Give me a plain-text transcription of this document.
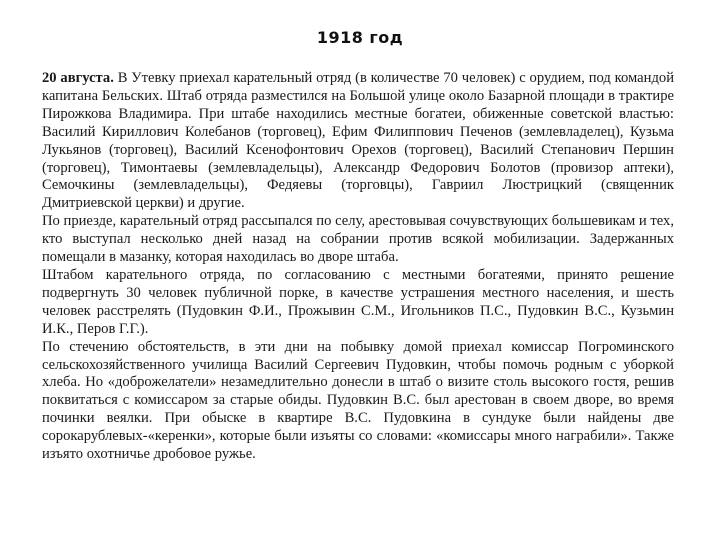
1918 год

20 августа. В Утевку приехал карательный отряд (в количестве 70 человек) с орудием, под командой капитана Бельских. Штаб отряда разместился на Большой улице около Базарной площади в трактире Пирожкова Владимира. При штабе находились местные богатеи, обиженные советской властью: Василий Кириллович Колебанов (торговец), Ефим Филиппович Печенов (землевладелец), Кузьма Лукьянов (торговец), Василий Ксенофонтович Орехов (торговец), Василий Степанович Першин (торговец), Тимонтаевы (землевладельцы), Александр Федорович Болотов (провизор аптеки), Семочкины (землевладельцы), Федяевы (торговцы), Гавриил Люстрицкий (священник Дмитриевской церкви) и другие.

По приезде, карательный отряд рассыпался по селу, арестовывая сочувствующих большевикам и тех, кто выступал несколько дней назад на собрании против всякой мобилизации. Задержанных помещали в мазанку, которая находилась во дворе штаба.

Штабом карательного отряда, по согласованию с местными богатеями, принято решение подвергнуть 30 человек публичной порке, в качестве устрашения местного населения, и шесть человек расстрелять (Пудовкин Ф.И., Прожывин С.М., Игольников П.С., Пудовкин В.С., Кузьмин И.К., Перов Г.Г.).

По стечению обстоятельств, в эти дни на побывку домой приехал комиссар Погроминского сельскохозяйственного училища Василий Сергеевич Пудовкин, чтобы помочь родным с уборкой хлеба. Но «доброжелатели» незамедлительно донесли в штаб о визите столь высокого гостя, решив поквитаться с комиссаром за старые обиды. Пудовкин В.С. был арестован в своем дворе, во время починки веялки. При обыске в квартире В.С. Пудовкина в сундуке были найдены две сорокарублевых-«керенки», которые были изъяты со словами: «комиссары много награбили». Также изъято охотничье дробовое ружье.
